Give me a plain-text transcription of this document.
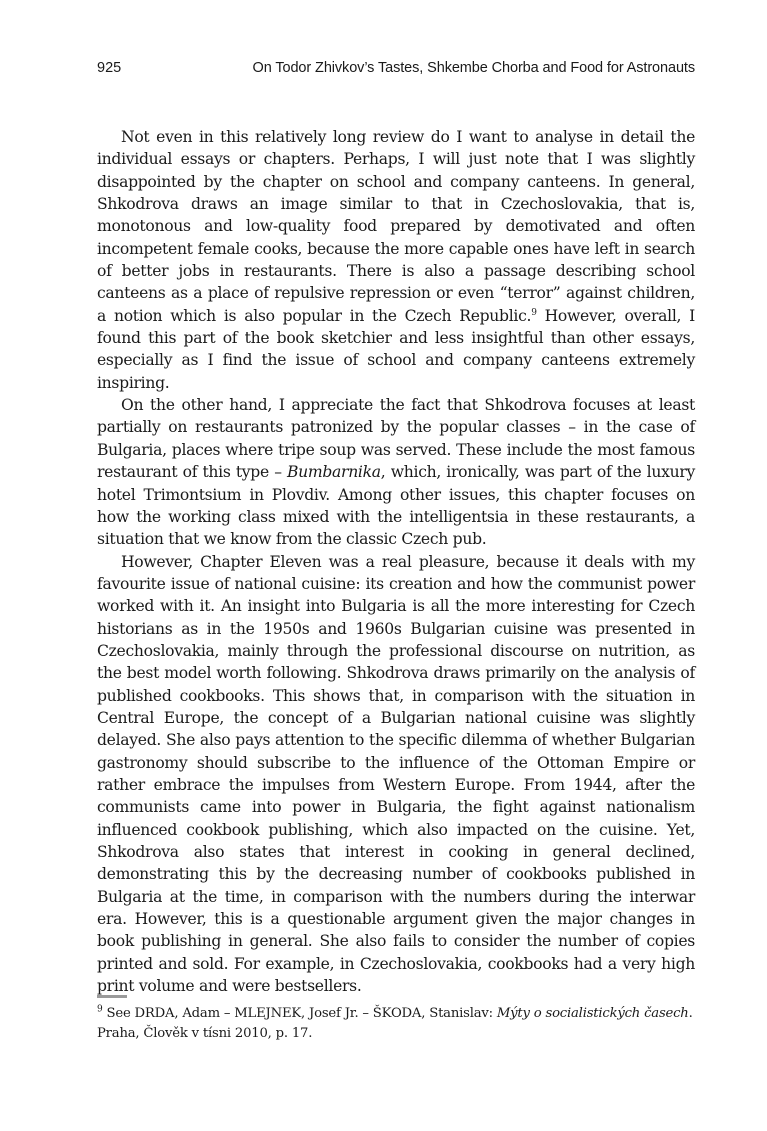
925	On Todor Zhivkov’s Tastes, Shkembe Chorba and Food for Astronauts

Not even in this relatively long review do I want to analyse in detail the individual essays or chapters. Perhaps, I will just note that I was slightly disappointed by the chapter on school and company canteens. In general, Shkodrova draws an image similar to that in Czechoslovakia, that is, monotonous and low-quality food prepared by demotivated and often incompetent female cooks, because the more capable ones have left in search of better jobs in restaurants. There is also a passage describing school canteens as a place of repulsive repression or even “terror” against children, a notion which is also popular in the Czech Republic.$^9$ However, overall, I found this part of the book sketchier and less insightful than other essays, especially as I find the issue of school and company canteens extremely inspiring.

On the other hand, I appreciate the fact that Shkodrova focuses at least partially on restaurants patronized by the popular classes – in the case of Bulgaria, places where tripe soup was served. These include the most famous restaurant of this type – Bumbarnika, which, ironically, was part of the luxury hotel Trimontsium in Plovdiv. Among other issues, this chapter focuses on how the working class mixed with the intelligentsia in these restaurants, a situation that we know from the classic Czech pub.

However, Chapter Eleven was a real pleasure, because it deals with my favourite issue of national cuisine: its creation and how the communist power worked with it. An insight into Bulgaria is all the more interesting for Czech historians as in the 1950s and 1960s Bulgarian cuisine was presented in Czechoslovakia, mainly through the professional discourse on nutrition, as the best model worth following. Shkodrova draws primarily on the analysis of published cookbooks. This shows that, in comparison with the situation in Central Europe, the concept of a Bulgarian national cuisine was slightly delayed. She also pays attention to the specific dilemma of whether Bulgarian gastronomy should subscribe to the influence of the Ottoman Empire or rather embrace the impulses from Western Europe. From 1944, after the communists came into power in Bulgaria, the fight against nationalism influenced cookbook publishing, which also impacted on the cuisine. Yet, Shkodrova also states that interest in cooking in general declined, demonstrating this by the decreasing number of cookbooks published in Bulgaria at the time, in comparison with the numbers during the interwar era. However, this is a questionable argument given the major changes in book publishing in general. She also fails to consider the number of copies printed and sold. For example, in Czechoslovakia, cookbooks had a very high print volume and were bestsellers.

$^9$ See DRDA, Adam – MLEJNEK, Josef Jr. – ŠKODA, Stanislav: Mýty o socialistických časech. Praha, Člověk v tísni 2010, p. 17.
